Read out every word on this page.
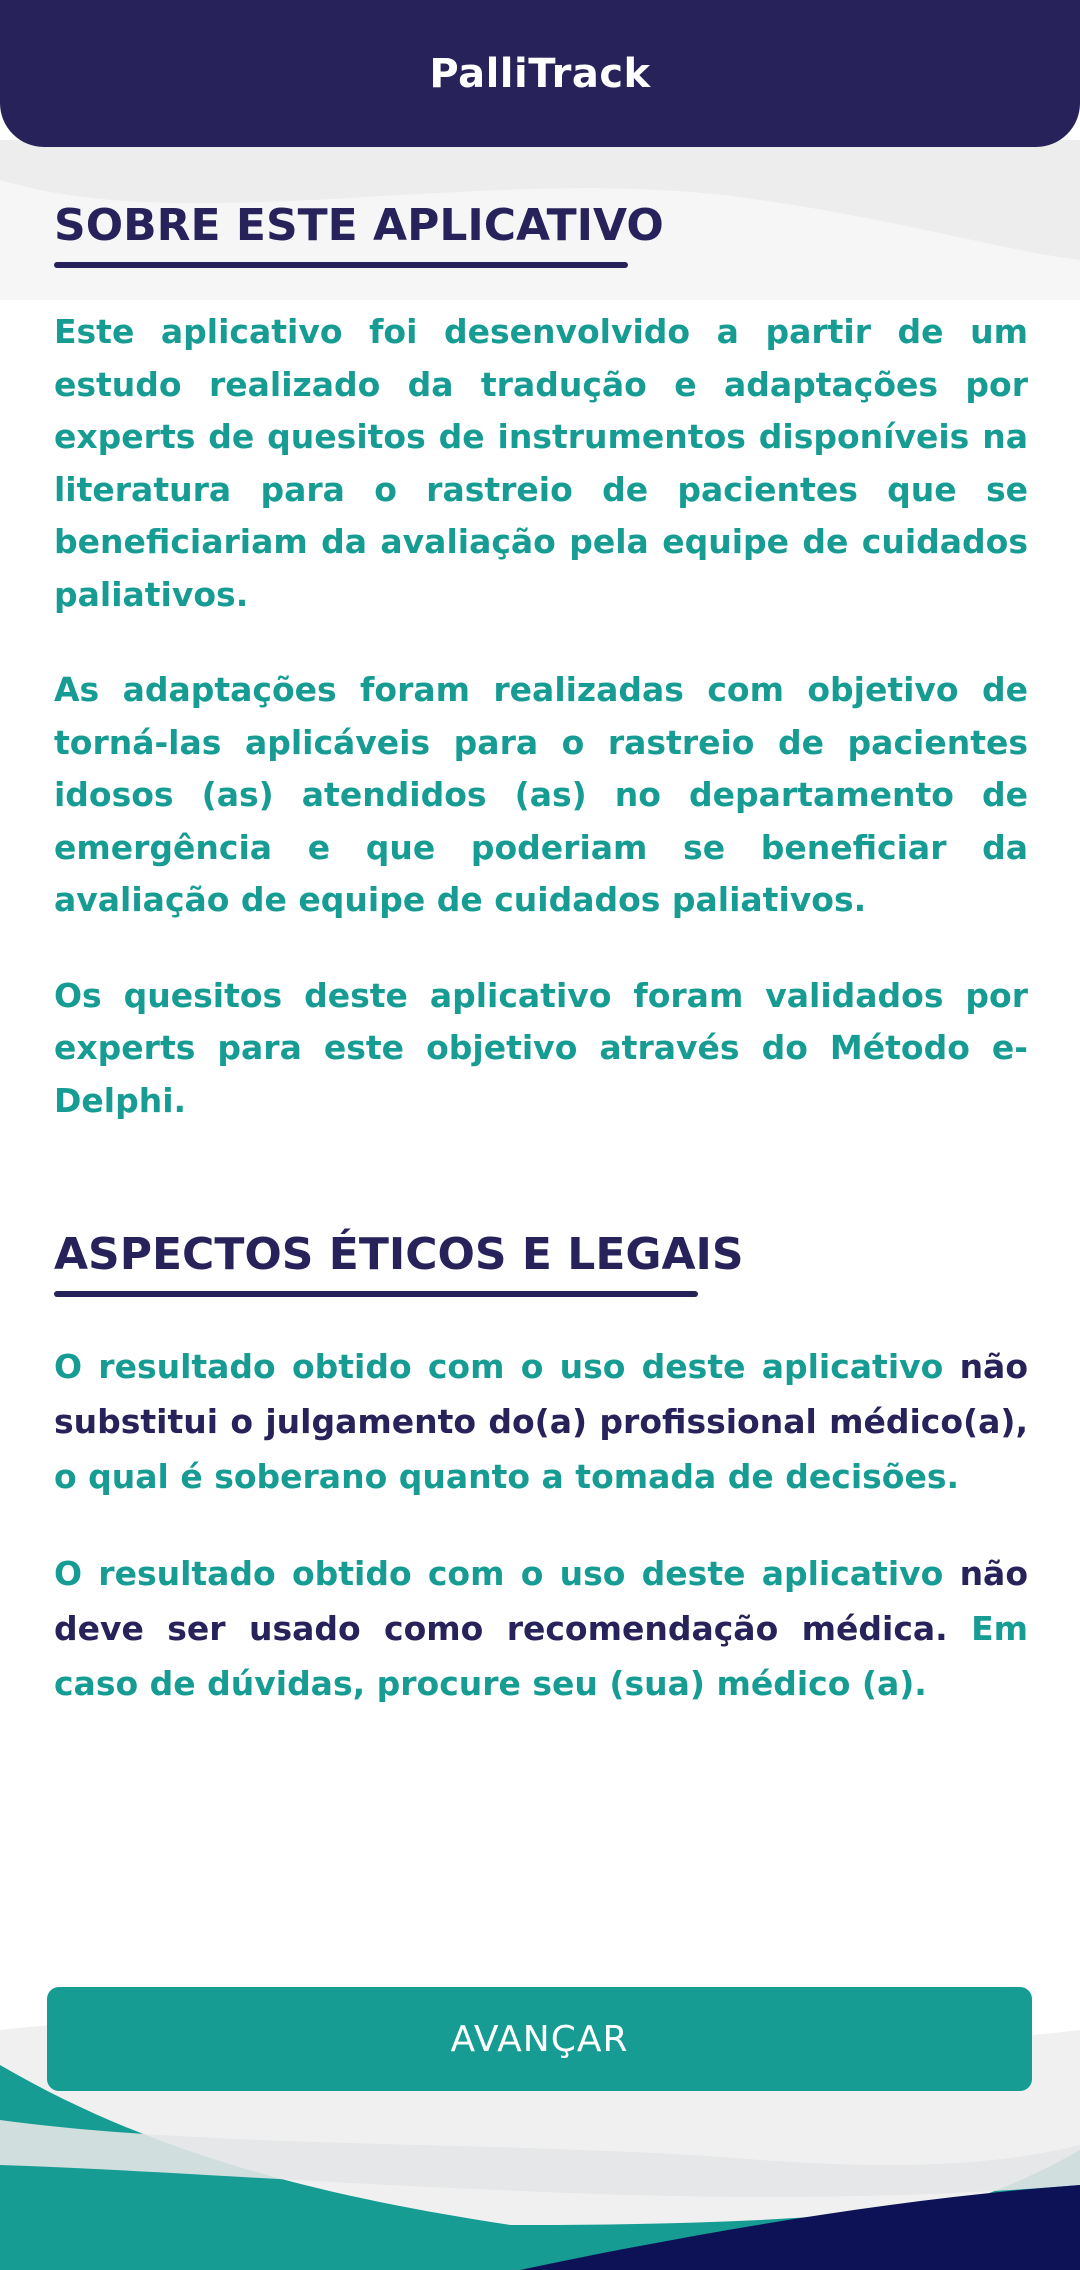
PalliTrack
SOBRE ESTE APLICATIVO

Este aplicativo foi desenvolvido a partir de um estudo realizado da tradução e adaptações por experts de quesitos de instrumentos disponíveis na literatura para o rastreio de pacientes que se beneficiariam da avaliação pela equipe de cuidados paliativos.

As adaptações foram realizadas com objetivo de torná-las aplicáveis para o rastreio de pacientes idosos (as) atendidos (as) no departamento de emergência e que poderiam se beneficiar da avaliação de equipe de cuidados paliativos.

Os quesitos deste aplicativo foram validados por experts para este objetivo através do Método e-Delphi.

ASPECTOS ÉTICOS E LEGAIS

O resultado obtido com o uso deste aplicativo não substitui o julgamento do(a) profissional médico(a), o qual é soberano quanto a tomada de decisões.

O resultado obtido com o uso deste aplicativo não deve ser usado como recomendação médica. Em caso de dúvidas, procure seu (sua) médico (a).

AVANÇAR
